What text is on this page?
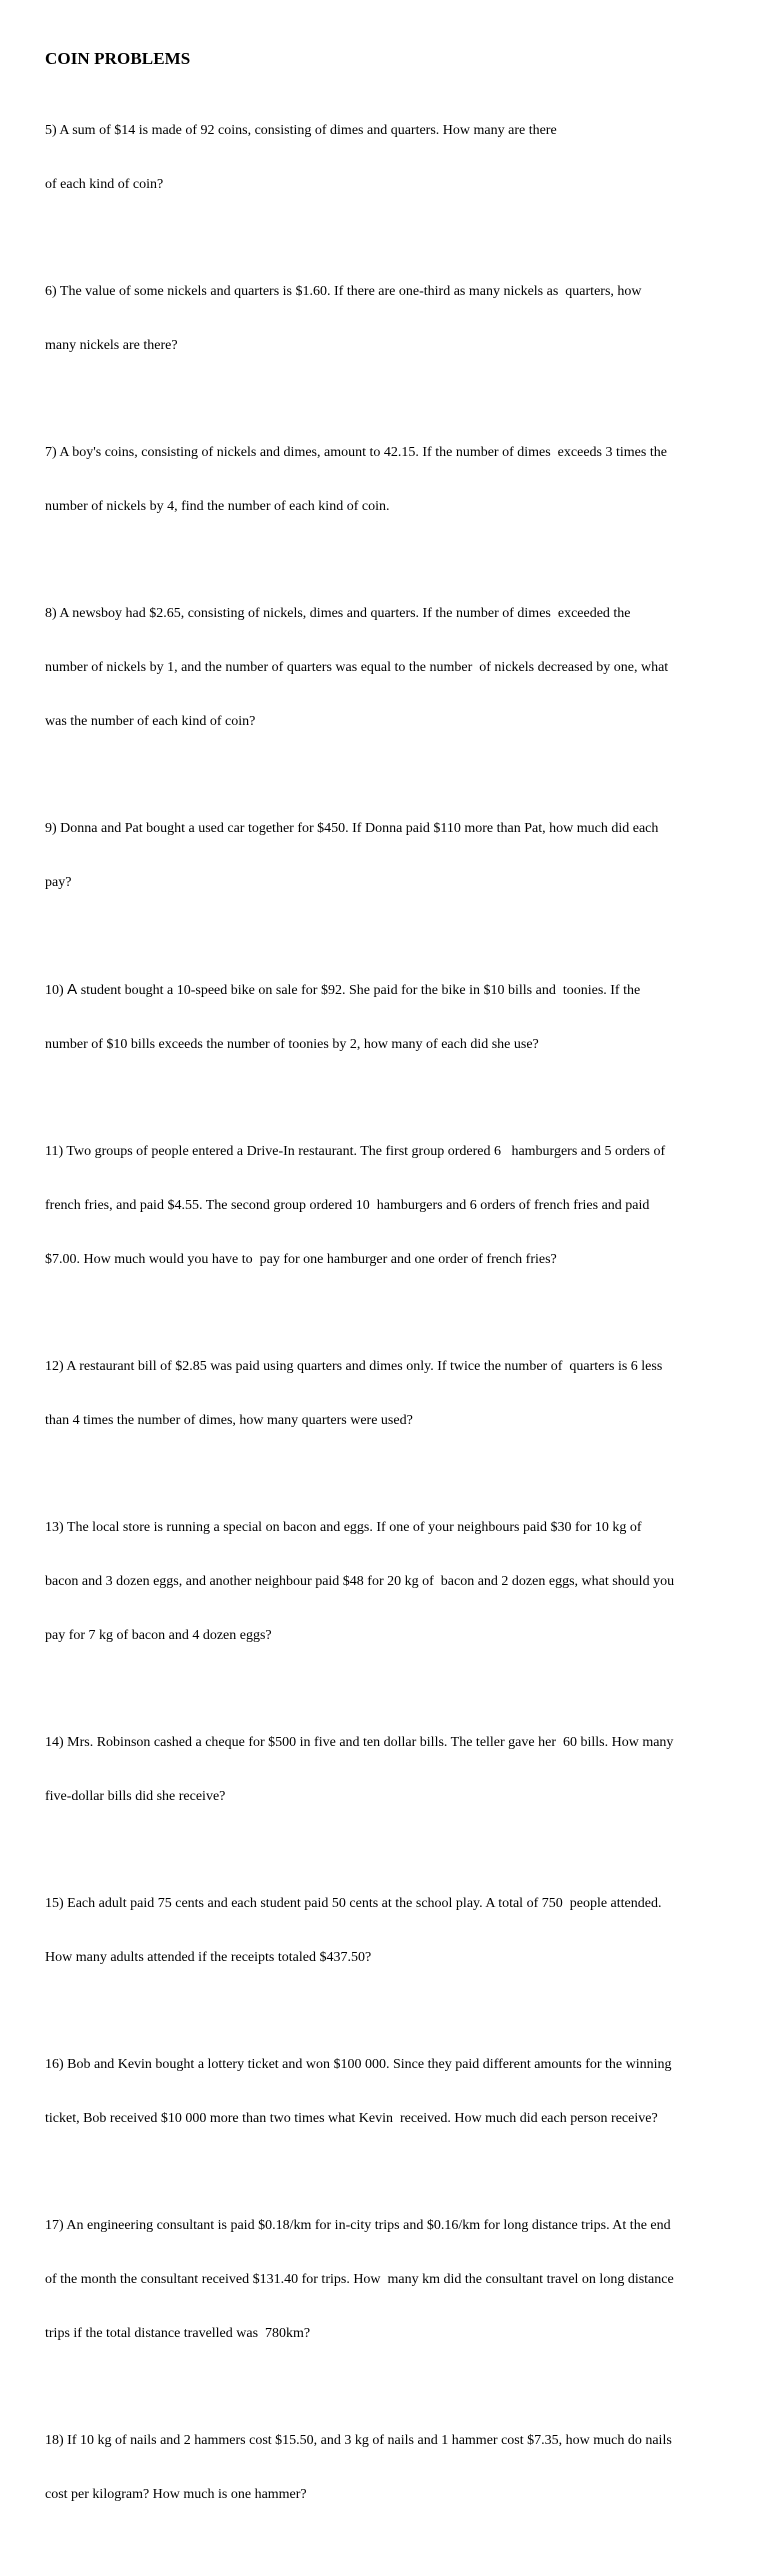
COIN PROBLEMS

5) A sum of $14 is made of 92 coins, consisting of dimes and quarters. How many are there

of each kind of coin?

6) The value of some nickels and quarters is $1.60. If there are one-third as many nickels as  quarters, how

many nickels are there?

7) A boy's coins, consisting of nickels and dimes, amount to 42.15. If the number of dimes  exceeds 3 times the

number of nickels by 4, find the number of each kind of coin.

8) A newsboy had $2.65, consisting of nickels, dimes and quarters. If the number of dimes  exceeded the

number of nickels by 1, and the number of quarters was equal to the number  of nickels decreased by one, what

was the number of each kind of coin?

9) Donna and Pat bought a used car together for $450. If Donna paid $110 more than Pat, how much did each

pay?

10) A student bought a 10-speed bike on sale for $92. She paid for the bike in $10 bills and  toonies. If the

number of $10 bills exceeds the number of toonies by 2, how many of each did she use?

11) Two groups of people entered a Drive-In restaurant. The first group ordered 6   hamburgers and 5 orders of

french fries, and paid $4.55. The second group ordered 10  hamburgers and 6 orders of french fries and paid

$7.00. How much would you have to  pay for one hamburger and one order of french fries?

12) A restaurant bill of $2.85 was paid using quarters and dimes only. If twice the number of  quarters is 6 less

than 4 times the number of dimes, how many quarters were used?

13) The local store is running a special on bacon and eggs. If one of your neighbours paid $30 for 10 kg of

bacon and 3 dozen eggs, and another neighbour paid $48 for 20 kg of  bacon and 2 dozen eggs, what should you

pay for 7 kg of bacon and 4 dozen eggs?

14) Mrs. Robinson cashed a cheque for $500 in five and ten dollar bills. The teller gave her  60 bills. How many

five-dollar bills did she receive?

15) Each adult paid 75 cents and each student paid 50 cents at the school play. A total of 750  people attended.

How many adults attended if the receipts totaled $437.50?

16) Bob and Kevin bought a lottery ticket and won $100 000. Since they paid different amounts for the winning

ticket, Bob received $10 000 more than two times what Kevin  received. How much did each person receive?

17) An engineering consultant is paid $0.18/km for in-city trips and $0.16/km for long distance trips. At the end

of the month the consultant received $131.40 for trips. How  many km did the consultant travel on long distance

trips if the total distance travelled was  780km?

18) If 10 kg of nails and 2 hammers cost $15.50, and 3 kg of nails and 1 hammer cost $7.35, how much do nails

cost per kilogram? How much is one hammer?
